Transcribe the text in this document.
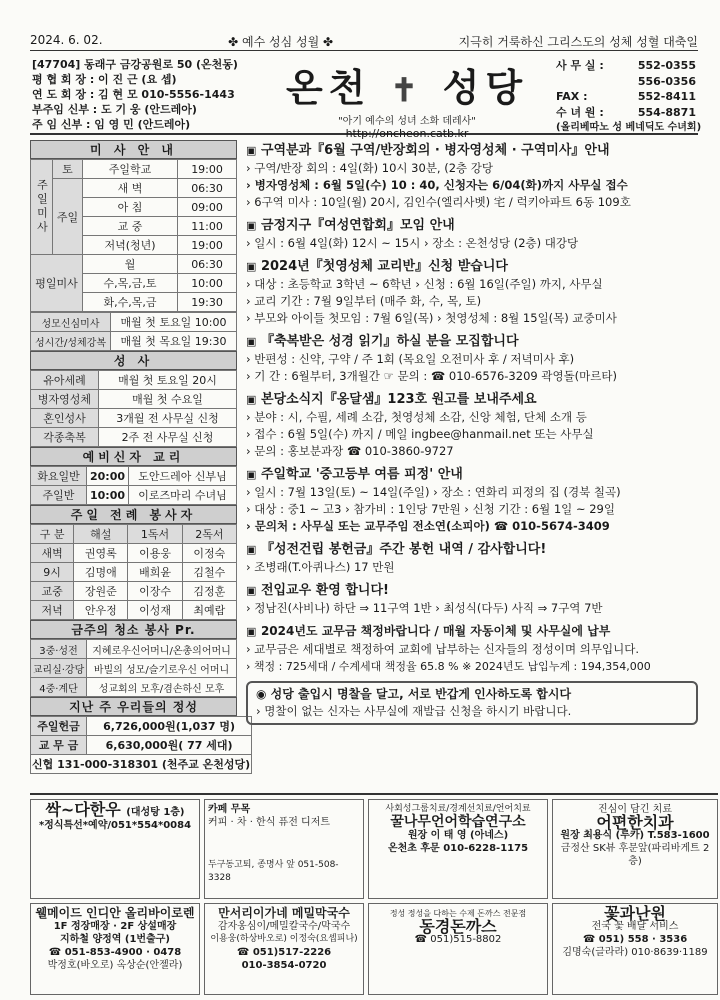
2024. 6. 02.	✤ 예수 성심 성월 ✤	지극히 거룩하신 그리스도의 성체 성혈 대축일
[47704] 동래구 금강공원로 50 (온천동)
평 협 회 장 : 이 진 근 (요 셉)
연 도 회 장 : 김 현 모 010-5556-1443
부주임 신부 : 도 기 웅 (안드레아)
주 임 신부 : 임 영 민 (안드레아)
온천 ✝ 성당
"아기 예수의 성녀 소화 데레사"
http://oncheon.catb.kr
사 무 실 :	552-0355
556-0356
FAX :	552-8411
수 녀 원 :	554-8871
(올리베따노 성 베네딕도 수녀회)
미 사 안 내
주일미사	토	주일학교	19:00
	주일	새 벽	06:30
		아 침	09:00
		교 중	11:00
		저녁(청년)	19:00
평일미사		월	06:30
		수,목,금,토	10:00
		화,수,목,금	19:30
성모신심미사	매월 첫 토요일 10:00
성시간/성체강복	매월 첫 목요일 19:30
성 사
유아세례	매월 첫 토요일 20시
병자영성체	매월 첫 수요일
혼인성사	3개월 전 사무실 신청
각종축복	2주 전 사무실 신청
예비신자 교리
화요일반	20:00	도안드레아 신부님
주일반	10:00	이로즈마리 수녀님
주일 전례 봉사자
구 분	해설	1독서	2독서
새벽	권영록	이용웅	이정숙
9시	김명애	배희윤	김철수
교중	장원준	이장수	김정훈
저녁	안우정	이성재	최예람
금주의 청소 봉사 Pr.
3중·성전	지혜로우신어머니/온총의어머니
교리실·강당	바빌의 성모/슬기로우신 어머니
4중·계단	성교회의 모후/겸손하신 모후
지난 주 우리들의 정성
주일헌금	6,726,000원(1,037 명)
교 무 금	6,630,000원( 77 세대)
신협 131-000-318301 (천주교 온천성당)	
▣ 구역분과『6월 구역/반장회의 · 병자영성체 · 구역미사』안내
› 구역/반장 회의 : 4일(화) 10시 30분, (2층 강당
› 병자영성체 : 6월 5일(수) 10 : 40, 신청자는 6/04(화)까지 사무실 접수
› 6구역 미사 : 10일(월) 20시, 김인수(엘리사벳) 宅 / 럭키아파트 6동 109호
▣ 금정지구『여성연합회』모임 안내
› 일시 : 6월 4일(화) 12시 ~ 15시 › 장소 : 온천성당 (2층) 대강당
▣ 2024년『첫영성체 교리반』신청 받습니다
› 대상 : 초등학교 3학년 ~ 6학년 › 신청 : 6월 16일(주일) 까지, 사무실
› 교리 기간 : 7월 9일부터 (매주 화, 수, 목, 토)
› 부모와 아이들 첫모임 : 7월 6일(목) › 첫영성체 : 8월 15일(목) 교중미사
▣ 『축복받은 성경 읽기』하실 분을 모집합니다
› 반편성 : 신약, 구약 / 주 1회 (목요일 오전미사 후 / 저녁미사 후)
› 기 간 : 6월부터, 3개월간 ☞ 문의 : ☎ 010-6576-3209 곽영돌(마르타)
▣ 본당소식지『옹달샘』123호 원고를 보내주세요
› 분야 : 시, 수필, 세례 소감, 첫영성체 소감, 신앙 체험, 단체 소개 등
› 접수 : 6월 5일(수) 까지 / 메일 ingbee@hanmail.net 또는 사무실
› 문의 : 홍보분과장 ☎ 010-3860-9727
▣ 주일학교 '중고등부 여름 피정' 안내
› 일시 : 7월 13일(토) ~ 14일(주일) › 장소 : 연화리 피정의 집 (경북 칠곡)
› 대상 : 중1 ~ 고3 › 참가비 : 1인당 7만원 › 신청 기간 : 6월 1일 ~ 29일
› 문의처 : 사무실 또는 교무주임 전소연(소피아) ☎ 010-5674-3409
▣ 『성전건립 봉헌금』주간 봉헌 내역 / 감사합니다!
› 조병래(T.아퀴나스) 17 만원
▣ 전입교우 환영 합니다!
› 정남진(사비나) 하단 ⇒ 11구역 1반 › 최성식(다두) 사직 ⇒ 7구역 7반
▣ 2024년도 교무금 책정바랍니다 / 매월 자동이체 및 사무실에 납부
› 교무금은 세대별로 책정하여 교회에 납부하는 신자들의 정성이며 의무입니다.
› 책정 : 725세대 / 수계세대 책정율 65.8 % ※ 2024년도 납입누계 : 194,354,000
◉ 성당 출입시 명찰을 달고, 서로 반갑게 인사하도록 합시다
› 명찰이 없는 신자는 사무실에 재발급 신청을 하시기 바랍니다.
싹~다한우 (대성탕 1층)
*정식특선*예약/051*554*0084
카페 무목
커피 · 차 · 한식 퓨전 디저트
두구동고퇴, 종명사 앞 051-508-3328
사회성그룹치료/경계선치료/언어치료
꿀나무언어학습연구소
원장 이 태 영 (아네스)
온천초 후문 010-6228-1175
진심이 담긴 치료
어편한치과
원장 최용식 (루카) T.583-1600
금정산 SK뷰 후문앞(파리바게트 2층)
웰메이드 인디안 올리바이로렌
1F 정장매장 · 2F 상설매장
지하철 양정역 (1번출구)
☎ 051-853-4900 · 0478
박정호(바오로) 옥상순(안젤라)
만서리이가네 메밀막국수
감자옹심이/메밀칼국수/막국수
이용웅(하상바오로) 이정숙(요셉피나)
☎ 051)517-2226
010-3854-0720
정성 정성을 다하는 수제 돈까스 전문점
동경돈까스
☎ 051)515-8802
꽃과난원
전국 꽃 배달 서비스
☎ 051) 558 · 3536
김명숙(글라라) 010·8639·1189
